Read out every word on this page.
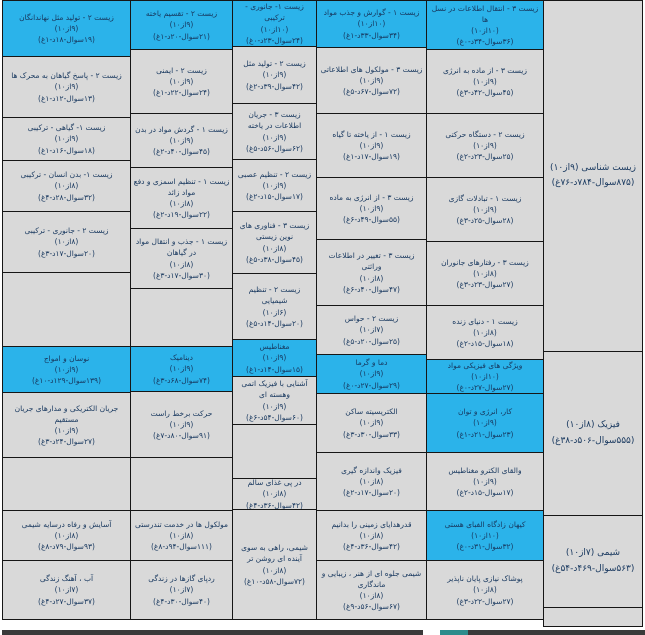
زیست شناسی (۹از۱۰)
(۸۷۵سوال-۷۸۴د-۷۶غ)
فیزیک (۸از۱۰)
(۵۵۵سوال-۵۰۶د-۳۸غ)
شیمی (۷از۱۰)
(۵۶۳سوال-۴۶۹د-۵۴غ)
زیست ۲ - تولید مثل نهاندانگان
(۹از۱۰)
(۱۹سوال-۱۸د-۱غ)
زیست ۲ - پاسخ گیاهان به محرک ها
(۹از۱۰)
(۱۳سوال-۱۲د-۱غ)
زیست ۱- گیاهی - ترکیبی
(۹از۱۰)
(۱۸سوال-۱۶د-۱غ)
زیست ۱- بدن انسان - ترکیبی
(۸از۱۰)
(۳۲سوال-۲۸د-۴غ)
زیست ۲ - جانوری - ترکیبی
(۸از۱۰)
(۲۰سوال-۱۷د-۳غ)
نوسان و امواج
(۹از۱۰)
(۱۳۹سوال-۱۲۹د-۱۰غ)
جریان الکتریکی و مدارهای جریان مستقیم
(۹از۱۰)
(۲۷سوال-۲۴د-۳غ)
آسایش و رفاه درسایه شیمی
(۸از۱۰)
(۹۳سوال-۷۹د-۸غ)
آب ، آهنگ زندگی
(۷از۱۰)
(۳۷سوال-۲۷د-۴غ)
زیست ۲ - تقسیم یاخته
(۹از۱۰)
(۲۱سوال-۲۰د-۱غ)
زیست ۲ - ایمنی
(۹از۱۰)
(۲۴سوال-۲۲د-۱غ)
زیست ۱ - گردش مواد در بدن
(۹از۱۰)
(۴۵سوال-۴۰د-۲غ)
زیست ۱ - تنظیم اسمزی و دفع مواد زائد
(۸از۱۰)
(۲۲سوال-۱۹د-۲غ)
زیست ۱ - جذب و انتقال مواد در گیاهان
(۸از۱۰)
(۳۰سوال-۱۷د-۳غ)
دینامیک
(۹از۱۰)
(۷۴سوال-۶۸د-۳غ)
حرکت برخط راست
(۹از۱۰)
(۹۱سوال-۸۰د-۷غ)
مولکول ها در خدمت تندرستی
(۸از۱۰)
(۱۱۱سوال-۹۴د-۸غ)
ردپای گازها در زندگی
(۷از۱۰)
(۴۰سوال-۳۰د-۴غ)
زیست ۱- جانوری - ترکیبی
(۱۰از۱۰)
(۲۴سوال-۲۳د-۰غ)
زیست ۲ - تولید مثل
(۹از۱۰)
(۴۲سوال-۳۹د-۲غ)
زیست ۳ - جریان اطلاعات در یاخته
(۹از۱۰)
(۶۲سوال-۵۶د-۵غ)
زیست ۲ - تنظیم عصبی
(۹از۱۰)
(۱۷سوال-۱۵د-۲غ)
زیست ۳ - فناوری های نوین زیستی
(۸از۱۰)
(۴۵سوال-۳۸د-۵غ)
زیست ۲ - تنظیم شیمیایی
(۶از۱۰)
(۲۰سوال-۱۴د-۵غ)
مغناطیس
(۹از۱۰)
(۱۵سوال-۱۴د-۱غ)
آشنایی با فیزیک اتمی وهسته ای
(۹از۱۰)
(۶۰سوال-۵۴د-۶غ)
در پی غذای سالم
(۸از۱۰)
(۴۲سوال-۳۶د-۴غ)
شیمی، راهی به سوی آینده ای روشن تر
(۸از۱۰)
(۷۲سوال-۵۸د-۱۰غ)
زیست ۱ - گوارش و جذب مواد
(۱۰از۱۰)
(۳۴سوال-۳۳د-۱غ)
زیست ۳ - مولکول های اطلاعاتی
(۹از۱۰)
(۷۲سوال-۶۷د-۵غ)
زیست ۱ - از یاخته تا گیاه
(۹از۱۰)
(۱۹سوال-۱۷د-۱غ)
زیست ۳ - از انرژی به ماده
(۹از۱۰)
(۵۵سوال-۴۹د-۶غ)
زیست ۳ - تغییر در اطلاعات وراثتی
(۸از۱۰)
(۴۷سوال-۴۰د-۶غ)
زیست ۲ - حواس
(۷از۱۰)
(۲۵سوال-۲۰د-۵غ)
دما و گرما
(۹از۱۰)
(۲۹سوال-۲۷د-۰غ)
الکتریسیته ساکن
(۹از۱۰)
(۳۳سوال-۳۰د-۳غ)
فیزیک واندازه گیری
(۸از۱۰)
(۲۰سوال-۱۷د-۲غ)
قدرهدایای زمینی را بدانیم
(۸از۱۰)
(۴۲سوال-۳۶د-۴غ)
شیمی جلوه ای از هنر ، زیبایی و ماندگاری
(۸از۱۰)
(۶۷سوال-۵۶د-۹غ)
زیست ۳ - انتقال اطلاعات در نسل ها
(۱۰از۱۰)
(۳۶سوال-۳۴د-۰غ)
زیست ۳ - از ماده به انرژی
(۹از۱۰)
(۴۵سوال-۴۲د-۳غ)
زیست ۲ - دستگاه حرکتی
(۹از۱۰)
(۲۵سوال-۲۳د-۲غ)
زیست ۱ - تبادلات گازی
(۹از۱۰)
(۲۸سوال-۲۵د-۳غ)
زیست ۳ - رفتارهای جانوران
(۸از۱۰)
(۲۷سوال-۲۳د-۳غ)
زیست ۱ - دنیای زنده
(۸از۱۰)
(۱۸سوال-۱۵د-۲غ)
ویژگی های فیزیکی مواد
(۱۰از۱۰)
(۲۷سوال-۲۷د-۰غ)
کار، انرژی و توان
(۹از۱۰)
(۲۳سوال-۲۱د-۱غ)
والقای الکترو مغناطیس
(۹از۱۰)
(۱۷سوال-۱۵د-۲غ)
کیهان زادگاه الفبای هستی
(۱۰از۱۰)
(۳۲سوال-۳۱د-۰غ)
پوشاک نیازی پایان ناپذیر
(۸از۱۰)
(۲۷سوال-۲۲د-۳غ)
